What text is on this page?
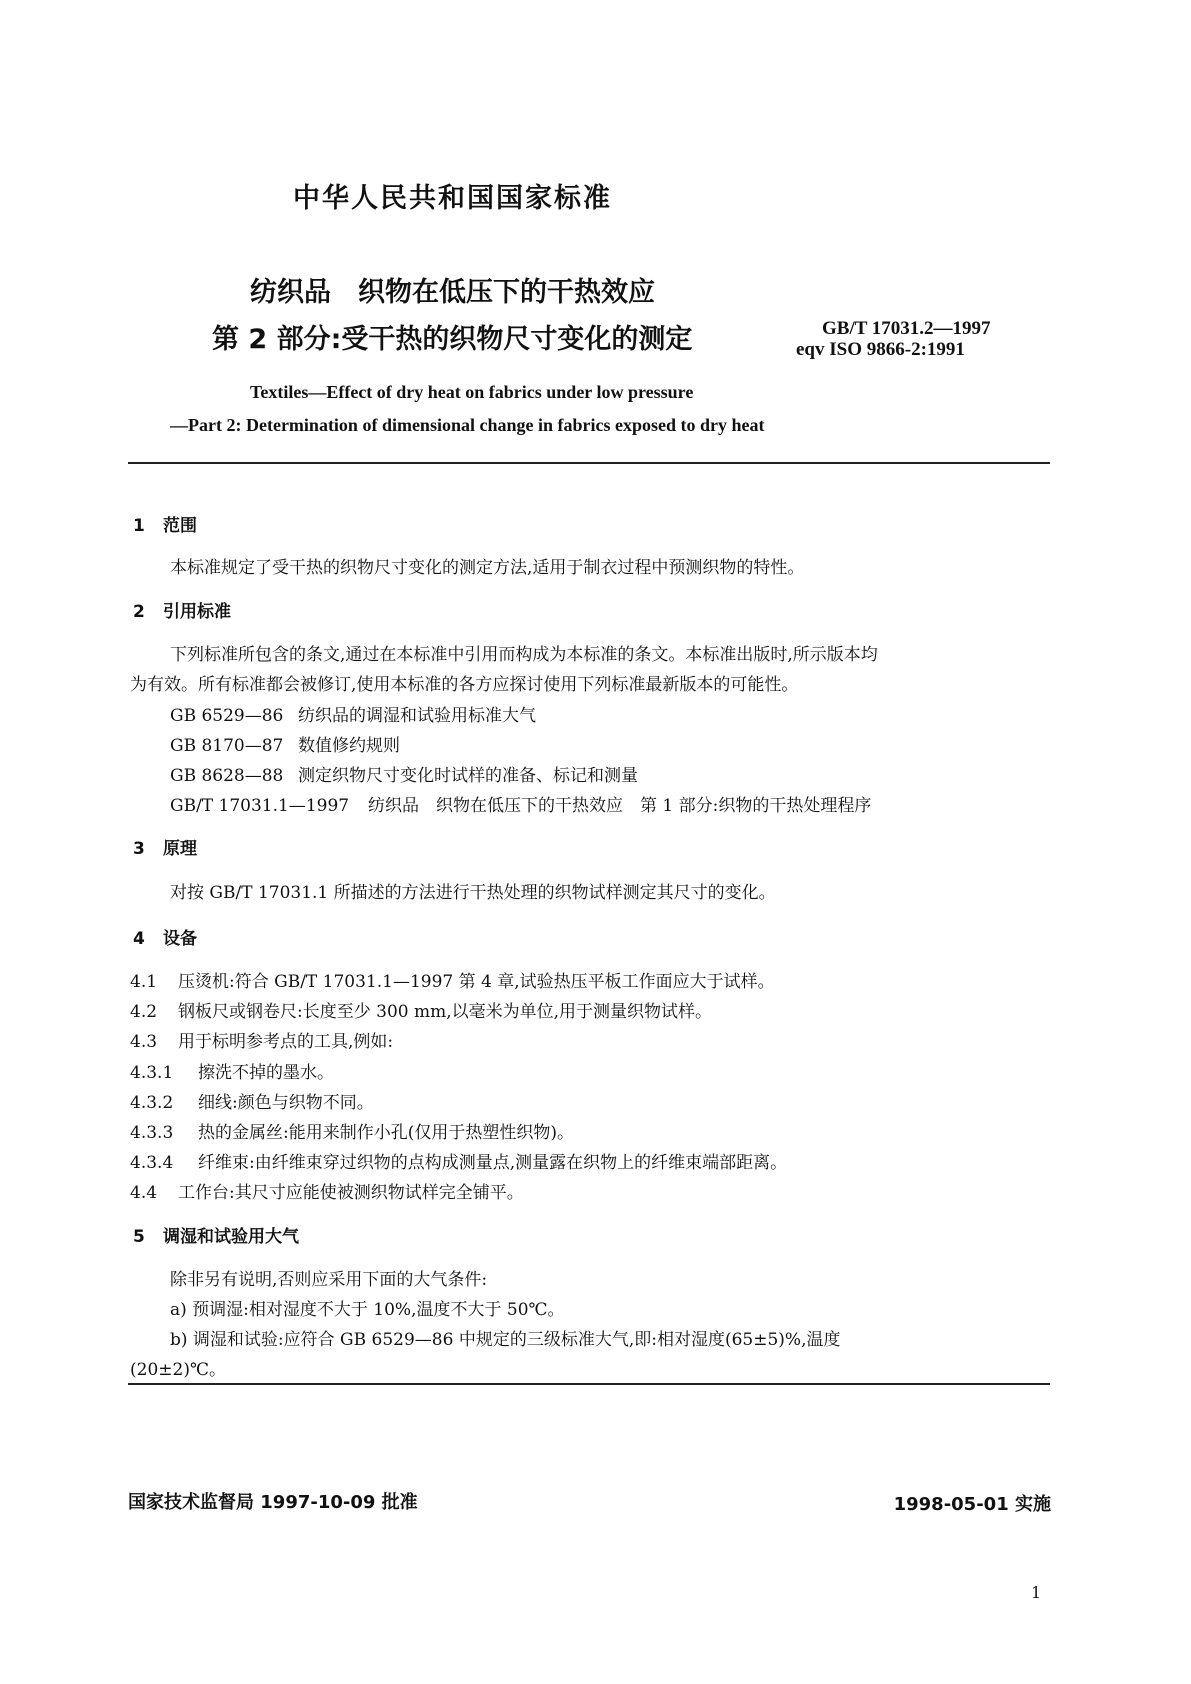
中华人民共和国国家标准
纺织品　织物在低压下的干热效应
第 2 部分:受干热的织物尺寸变化的测定	GB/T 17031.2—1997
eqv ISO 9866-2:1991
Textiles—Effect of dry heat on fabrics under low pressure
—Part 2: Determination of dimensional change in fabrics exposed to dry heat
1 范围
本标准规定了受干热的织物尺寸变化的测定方法,适用于制衣过程中预测织物的特性。
2 引用标准
下列标准所包含的条文,通过在本标准中引用而构成为本标准的条文。本标准出版时,所示版本均
为有效。所有标准都会被修订,使用本标准的各方应探讨使用下列标准最新版本的可能性。
GB 6529—86 纺织品的调湿和试验用标准大气
GB 8170—87 数值修约规则
GB 8628—88 测定织物尺寸变化时试样的准备、标记和测量
GB/T 17031.1—1997 纺织品　织物在低压下的干热效应　第 1 部分:织物的干热处理程序
3 原理
对按 GB/T 17031.1 所描述的方法进行干热处理的织物试样测定其尺寸的变化。
4 设备
4.1 压烫机:符合 GB/T 17031.1—1997 第 4 章,试验热压平板工作面应大于试样。
4.2 钢板尺或钢卷尺:长度至少 300 mm,以毫米为单位,用于测量织物试样。
4.3 用于标明参考点的工具,例如:
4.3.1 擦洗不掉的墨水。
4.3.2 细线:颜色与织物不同。
4.3.3 热的金属丝:能用来制作小孔(仅用于热塑性织物)。
4.3.4 纤维束:由纤维束穿过织物的点构成测量点,测量露在织物上的纤维束端部距离。
4.4 工作台:其尺寸应能使被测织物试样完全铺平。
5 调湿和试验用大气
除非另有说明,否则应采用下面的大气条件:
a) 预调湿:相对湿度不大于 10%,温度不大于 50℃。
b) 调湿和试验:应符合 GB 6529—86 中规定的三级标准大气,即:相对湿度(65±5)%,温度
(20±2)℃。
国家技术监督局 1997-10-09 批准	1998-05-01 实施
1
